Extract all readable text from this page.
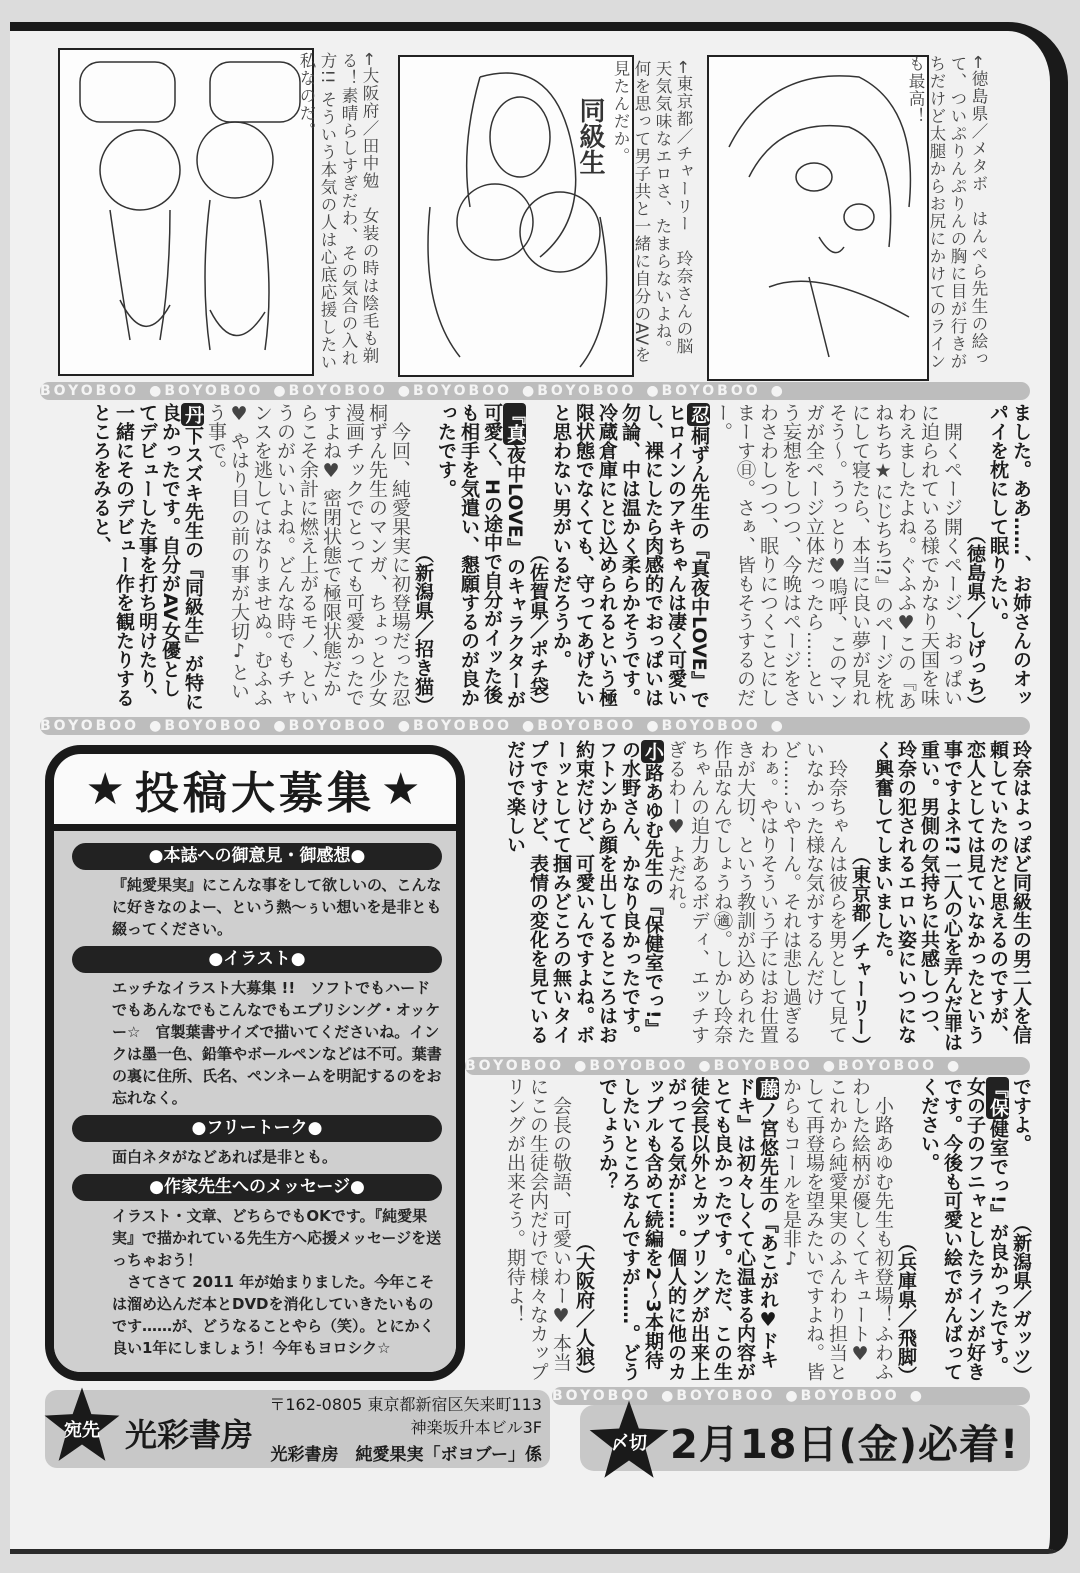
←大阪府／田中勉　女装の時は陰毛も剃る！素晴らしすぎだわ、その気合の入れ方!! そういう本気の人は心底応援したい私なのだ。	同級生	←東京都／チャーリー　玲奈さんの脳天気気味なエロさ、たまらないよね。何を思って男子共と一緒に自分のAVを見たんだか。	←徳島県／メタボ　はんぺら先生の絵って、ついぷりんぷりんの胸に目が行きがちだけど太腿からお尻にかけてのラインも最高！
BOYOBOO ●BOYOBOO ●BOYOBOO ●BOYOBOO ●BOYOBOO ●BOYOBOO ●
BOYOBOO ●BOYOBOO ●BOYOBOO ●BOYOBOO ●BOYOBOO ●BOYOBOO ●
BOYOBOO ●BOYOBOO ●BOYOBOO ●BOYOBOO ●
BOYOBOO ●BOYOBOO ●BOYOBOO ●

ました。ああ……、お姉さんのオッパイを枕にして眠りたい。

（徳島県／しげっち）

開くページ開くページ、おっぱいに迫られている様でかなり天国を味わえましたよね。ぐふふ♥この『あねちち★にじちち!?』のページを枕にして寝たら、本当に良い夢が見れそう〜。うっとり♥嗚呼、このマンガが全ページ立体だったら……という妄想をしつつ、今晩はページをさわさわしつつ、眠りにつくことにしまーす㊐。さぁ、皆もそうするのだー。

忍桐ずん先生の『真夜中LOVE』でヒロインのアキちゃんは凄く可愛いし、裸にしたら肉感的でおっぱいは勿論、中は温かく柔らかそうです。冷蔵倉庫にとじ込められるという極限状態でなくても、守ってあげたいと思わない男がいるだろうか。

（佐賀県／ポチ袋）

『真夜中LOVE』のキャラクターが可愛く、Hの途中で自分がイッた後も相手を気遣い、懇願するのが良かったです。

（新潟県／招き猫）

今回、純愛果実に初登場だった忍桐ずん先生のマンガ、ちょっと少女漫画チックでとっても可愛かったですよね♥ 密閉状態で極限状態だからこそ余計に燃え上がるモノ、というのがいいよね。どんな時でもチャンスを逃してはなりませぬ。むふふ♥ やはり目の前の事が大切♪という事で。

丹下スズキ先生の『同級生』が特に良かったです。自分がAV女優としてデビューした事を打ち明けたり、一緒にそのデビュー作を観たりするところをみると、

玲奈はよっぽど同級生の男二人を信頼していたのだと思えるのですが、恋人としては見ていなかったという事ですよネ!? 二人の心を弄んだ罪は重い。男側の気持ちに共感しつつ、玲奈の犯されるエロい姿にいつになく興奮してしまいました。

（東京都／チャーリー）

玲奈ちゃんは彼らを男として見ていなかった様な気がするんだけど……いやーん。それは悲し過ぎるわぁ。やはりそういう子にはお仕置きが大切、という教訓が込められた作品なんでしょうね㊜。しかし玲奈ちゃんの迫力あるボディ、エッチすぎるわー♥ よだれ。

小路あゆむ先生の『保健室でっ!』の水野さん、かなり良かったです。フトンから顔を出してるところはお約束だけど、可愛いんですよね。ボーッとしてて掴みどころの無いタイプですけど、表情の変化を見ているだけで楽しい

ですよ。
（新潟県／ガッツ）

『保健室でっ!』が良かったです。女の子のフニャとしたラインが好きです。今後も可愛い絵でがんばってください。

（兵庫県／飛脚）

小路あゆむ先生も初登場！ふわふわした絵柄が優しくてキュート♥ これから純愛果実のふんわり担当として再登場を望みたいですよね。皆からもコールを是非♪

藤ノ宮悠先生の『あこがれ♥ドキドキ』は初々しくて心温まる内容がとても良かったです。ただ、この生徒会長以外とカップリングが出来上がってる気が……。個人的に他のカップルも含めて続編を2〜3本期待したいところなんですが……。どうでしょうか？

（大阪府／人狼）

会長の敬語、可愛いわー♥ 本当にこの生徒会内だけで様々なカップリングが出来そう。期待よ！

★ 投稿大募集 ★
●本誌への御意見・御感想●

『純愛果実』にこんな事をして欲しいの、こんなに好きなのよー、という熱〜ぅい想いを是非とも綴ってください。

●イラスト●

エッチなイラスト大募集 !!　ソフトでもハードでもあんなでもこんなでもエブリシング・オッケー☆　官製葉書サイズで描いてくださいね。インクは墨一色、鉛筆やボールペンなどは不可。葉書の裏に住所、氏名、ペンネームを明記するのをお忘れなく。

●フリートーク●

面白ネタがなどあれば是非とも。

●作家先生へのメッセージ●

イラスト・文章、どちらでもOKです。『純愛果実』で描かれている先生方へ応援メッセージを送っちゃおう！

さてさて 2011 年が始まりました。今年こそは溜め込んだ本とDVDを消化していきたいものです……が、どうなることやら（笑）。とにかく良い1年にしましょう！今年もヨロシク☆

宛先 光彩書房
〒162-0805 東京都新宿区矢来町113
神楽坂升本ビル3F
光彩書房　純愛果実「ボヨブー」係
〆切 2月18日(金)必着!
